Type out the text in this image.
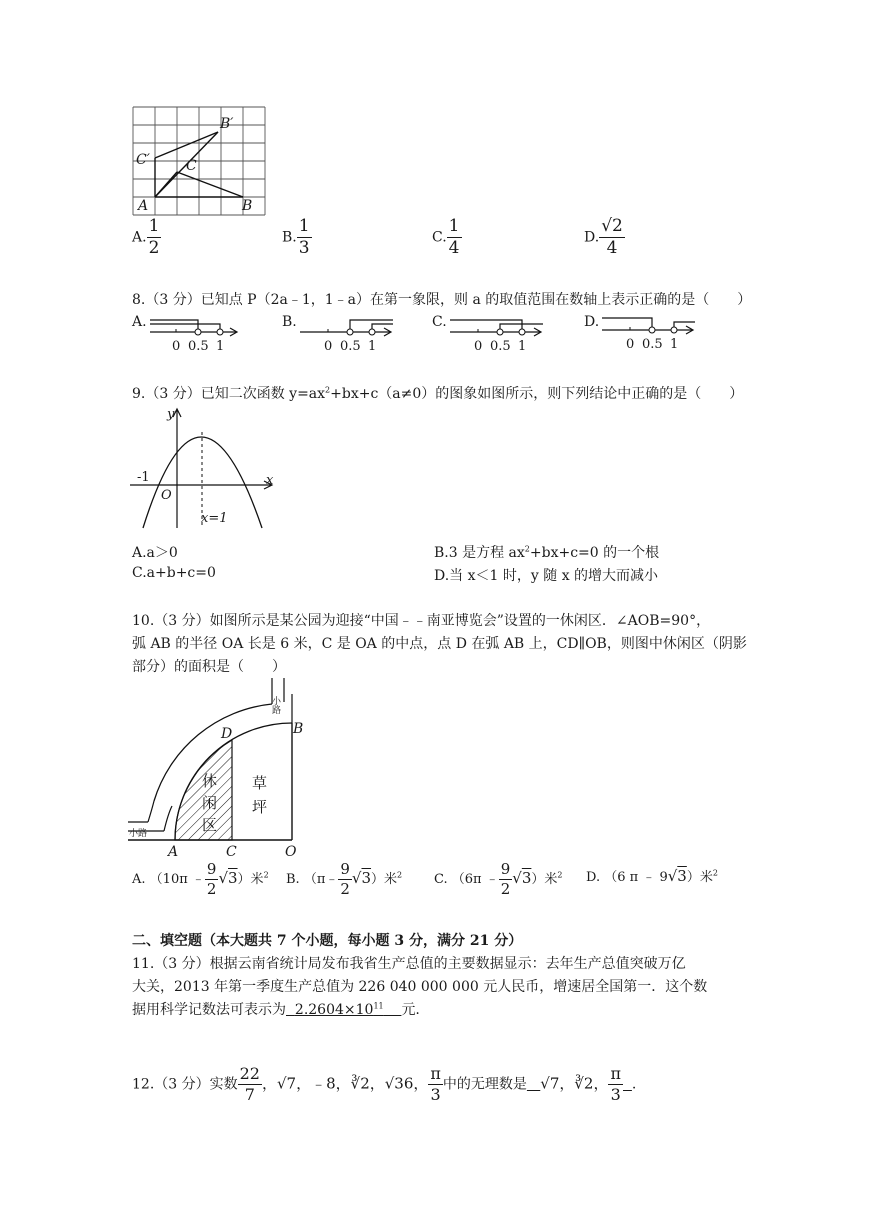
A	B
C
B′
C′
A. $\frac{1}{2}$	B. $\frac{1}{3}$	C. $\frac{1}{4}$	D. $\frac{√2}{4}$
8.（3 分）已知点 P（2a﹣1，1﹣a）在第一象限，则 a 的取值范围在数轴上表示正确的是（　　）
A.	B.	C.	D.
0 0.5 1	0 0.5 1	0 0.5 1	0 0.5 1
9.（3 分）已知二次函数 $y=ax^2+bx+c(a\ne 0)$的图象如图所示，则下列结论中正确的是（　　）
y
x
-1
O
x=1
A.a＞0	B.3 是方程 $ax^2+bx+c=0$ 的一个根
C.a+b+c=0	D.当 x＜1 时，y 随 x 的增大而减小
10.（3 分）如图所示是某公园为迎接“中国﹣﹣南亚博览会”设置的一休闲区．∠AOB=90°，
弧 AB 的半径 OA 长是 6 米，C 是 OA 的中点，点 D 在弧 AB 上，CD∥OB，则图中休闲区（阴影
部分）的面积是（　　）
小路
小路
D	B
A	C	O
休
闲
区
草
坪
A. （10π ﹣ $\frac{9}{2} √3$）米$^2$ B. （π﹣ $\frac{9}{2} √3$）米$^2$ C. （6π ﹣ $\frac{9}{2} √3$）米$^2$ D. （6 π ﹣ 9√3）米$^2$
二、填空题（本大题共 7 个小题，每小题 3 分，满分 21 分）
11.（3 分）根据云南省统计局发布我省生产总值的主要数据显示：去年生产总值突破万亿
大关，2013 年第一季度生产总值为 226 040 000 000 元人民币，增速居全国第一．这个数
据用科学记数法可表示为 $2.2604\times 10^{11}$ 元.
12.（3 分）实数 $\frac{22}{7}$ ，√7，﹣8，∛2，√36， $\frac{\pi}{3}$ 中的无理数是 √7，∛2， $\frac{\pi}{3}$ .
